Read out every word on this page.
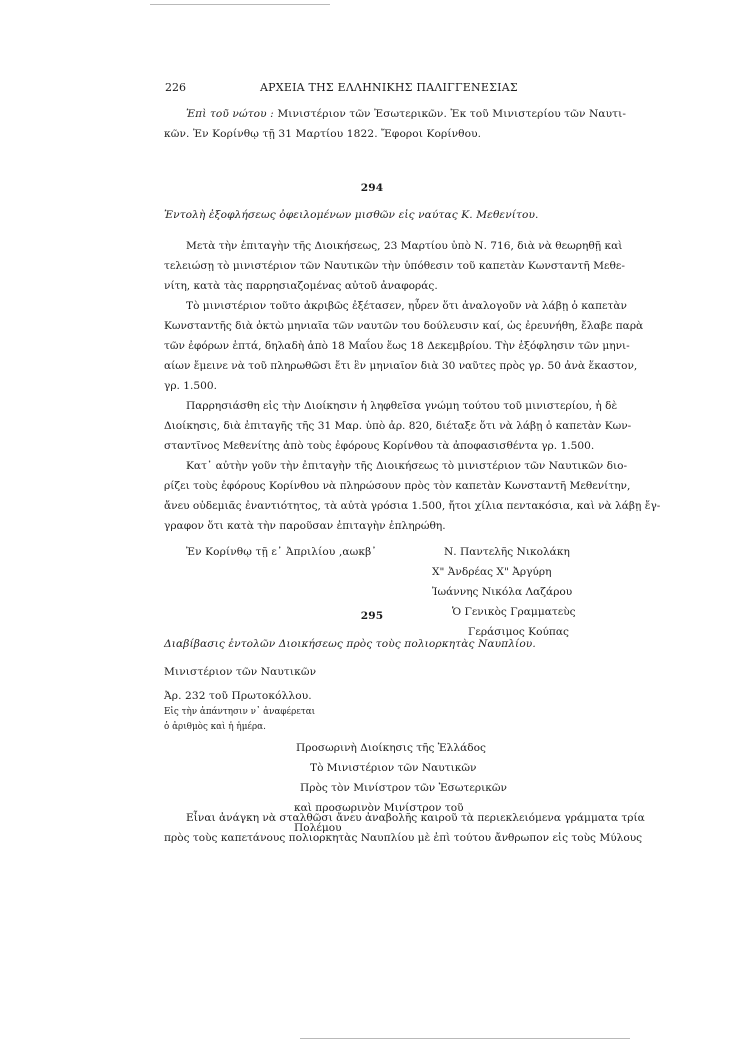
226	ΑΡΧΕΙΑ ΤΗΣ ΕΛΛΗΝΙΚΗΣ ΠΑΛΙΓΓΕΝΕΣΙΑΣ
Ἐπὶ τοῦ νώτου : Μινιστέριον τῶν Ἐσωτερικῶν. Ἐκ τοῦ Μινιστερίου τῶν Ναυτι-
κῶν. Ἐν Κορίνθῳ τῇ 31 Μαρτίου 1822. Ἔφοροι Κορίνθου.
294
Ἐντολὴ ἐξοφλήσεως ὀφειλομένων μισθῶν εἰς ναύτας Κ. Μεθενίτου.
Μετὰ τὴν ἐπιταγὴν τῆς Διοικήσεως, 23 Μαρτίου ὑπὸ Ν. 716, διὰ νὰ θεωρηθῇ καὶ
τελειώσῃ τὸ μινιστέριον τῶν Ναυτικῶν τὴν ὑπόθεσιν τοῦ καπετὰν Κωνσταντῆ Μεθε-
νίτη, κατὰ τὰς παρρησιαζομένας αὐτοῦ ἀναφοράς.
Τὸ μινιστέριον τοῦτο ἀκριβῶς ἐξέτασεν, ηὗρεν ὅτι ἀναλογοῦν νὰ λάβῃ ὁ καπετὰν
Κωνσταντῆς διὰ ὀκτὼ μηνιαῖα τῶν ναυτῶν του δούλευσιν καί, ὡς ἐρευνήθη, ἔλαβε παρὰ
τῶν ἐφόρων ἑπτά, δηλαδὴ ἀπὸ 18 Μαΐου ἕως 18 Δεκεμβρίου. Τὴν ἐξόφλησιν τῶν μηνι-
αίων ἔμεινε νὰ τοῦ πληρωθῶσι ἔτι ἓν μηνιαῖον διὰ 30 ναῦτες πρὸς γρ. 50 ἀνὰ ἕκαστον,
γρ. 1.500.
Παρρησιάσθη εἰς τὴν Διοίκησιν ἡ ληφθεῖσα γνώμη τούτου τοῦ μινιστερίου, ἡ δὲ
Διοίκησις, διὰ ἐπιταγῆς τῆς 31 Μαρ. ὑπὸ ἀρ. 820, διέταξε ὅτι νὰ λάβῃ ὁ καπετὰν Κων-
σταντῖνος Μεθενίτης ἀπὸ τοὺς ἐφόρους Κορίνθου τὰ ἀποφασισθέντα γρ. 1.500.
Κατ᾽ αὐτὴν γοῦν τὴν ἐπιταγὴν τῆς Διοικήσεως τὸ μινιστέριον τῶν Ναυτικῶν διο-
ρίζει τοὺς ἐφόρους Κορίνθου νὰ πληρώσουν πρὸς τὸν καπετὰν Κωνσταντῆ Μεθενίτην,
ἄνευ οὐδεμιᾶς ἐναντιότητος, τὰ αὐτὰ γρόσια 1.500, ἤτοι χίλια πεντακόσια, καὶ νὰ λάβῃ ἔγ-
γραφον ὅτι κατὰ τὴν παροῦσαν ἐπιταγὴν ἐπληρώθη.
Ἐν Κορίνθῳ τῇ ε᾽ Ἀπριλίου ‚αωκβ᾽	Ν. Παντελῆς Νικολάκη
Χ" Ἀνδρέας Χ" Ἀργύρη
Ἰωάννης Νικόλα Λαζάρου
Ὁ Γενικὸς Γραμματεὺς
Γεράσιμος Κούπας
295
Διαβίβασις ἐντολῶν Διοικήσεως πρὸς τοὺς πολιορκητὰς Ναυπλίου.
Μινιστέριον τῶν Ναυτικῶν
Ἀρ. 232 τοῦ Πρωτοκόλλου.
Εἰς τὴν ἀπάντησιν ν᾽ ἀναφέρεται
ὁ ἀριθμὸς καὶ ἡ ἡμέρα.
Προσωρινὴ Διοίκησις τῆς Ἑλλάδος
Τὸ Μινιστέριον τῶν Ναυτικῶν
Πρὸς τὸν Μινίστρον τῶν Ἐσωτερικῶν
καὶ προσωρινὸν Μινίστρον τοῦ Πολέμου
Εἶναι ἀνάγκη νὰ σταλθῶσι ἄνευ ἀναβολῆς καιροῦ τὰ περιεκλειόμενα γράμματα τρία
πρὸς τοὺς καπετάνους πολιορκητὰς Ναυπλίου μὲ ἐπὶ τούτου ἄνθρωπον εἰς τοὺς Μύλους
